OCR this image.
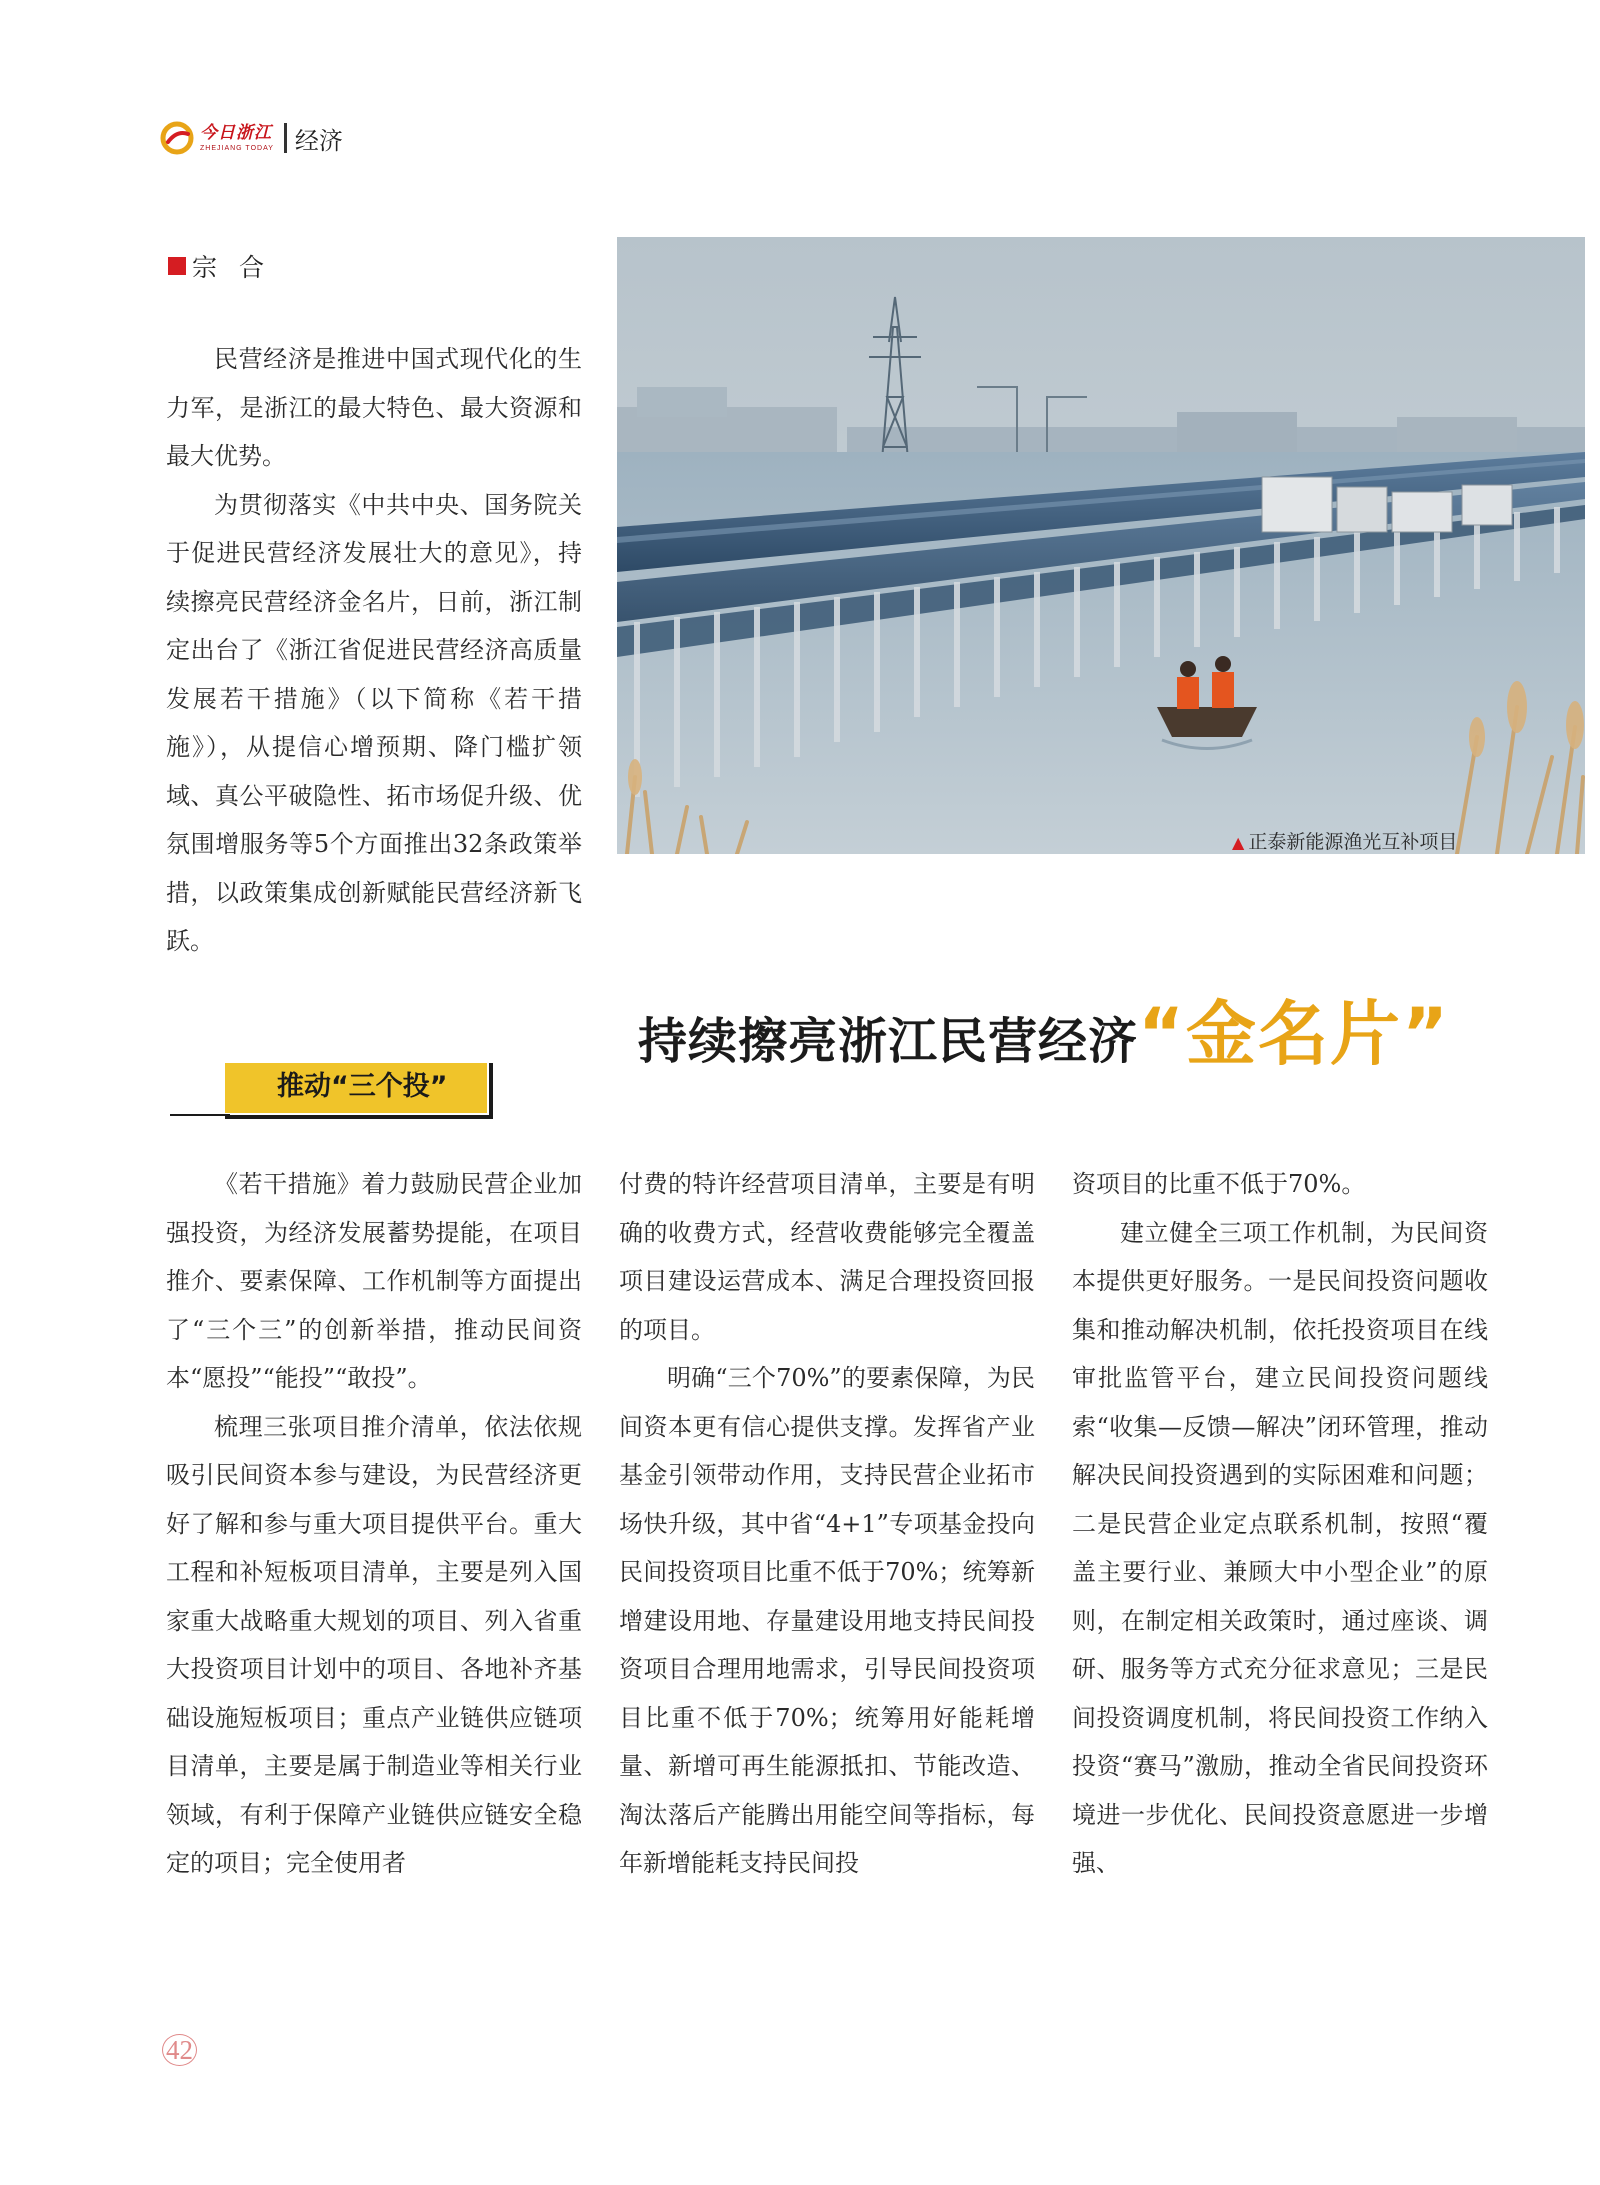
今日浙江
ZHEJIANG TODAY 经济
宗合

民营经济是推进中国式现代化的生力军，是浙江的最大特色、最大资源和最大优势。

为贯彻落实《中共中央、国务院关于促进民营经济发展壮大的意见》，持续擦亮民营经济金名片，日前，浙江制定出台了《浙江省促进民营经济高质量发展若干措施》（以下简称《若干措施》），从提信心增预期、降门槛扩领域、真公平破隐性、拓市场促升级、优氛围增服务等5个方面推出32条政策举措，以政策集成创新赋能民营经济新飞跃。

▲ 正泰新能源渔光互补项目
持续擦亮浙江民营经济 “金名片”
推动“三个投”

《若干措施》着力鼓励民营企业加强投资，为经济发展蓄势提能，在项目推介、要素保障、工作机制等方面提出了“三个三”的创新举措，推动民间资本“愿投”“能投”“敢投”。

梳理三张项目推介清单，依法依规吸引民间资本参与建设，为民营经济更好了解和参与重大项目提供平台。重大工程和补短板项目清单，主要是列入国家重大战略重大规划的项目、列入省重大投资项目计划中的项目、各地补齐基础设施短板项目；重点产业链供应链项目清单，主要是属于制造业等相关行业领域，有利于保障产业链供应链安全稳定的项目；完全使用者

付费的特许经营项目清单，主要是有明确的收费方式，经营收费能够完全覆盖项目建设运营成本、满足合理投资回报的项目。

明确“三个70%”的要素保障，为民间资本更有信心提供支撑。发挥省产业基金引领带动作用，支持民营企业拓市场快升级，其中省“4+1”专项基金投向民间投资项目比重不低于70%；统筹新增建设用地、存量建设用地支持民间投资项目合理用地需求，引导民间投资项目比重不低于70%；统筹用好能耗增量、新增可再生能源抵扣、节能改造、淘汰落后产能腾出用能空间等指标，每年新增能耗支持民间投

资项目的比重不低于70%。

建立健全三项工作机制，为民间资本提供更好服务。一是民间投资问题收集和推动解决机制，依托投资项目在线审批监管平台，建立民间投资问题线索“收集—反馈—解决”闭环管理，推动解决民间投资遇到的实际困难和问题；二是民营企业定点联系机制，按照“覆盖主要行业、兼顾大中小型企业”的原则，在制定相关政策时，通过座谈、调研、服务等方式充分征求意见；三是民间投资调度机制，将民间投资工作纳入投资“赛马”激励，推动全省民间投资环境进一步优化、民间投资意愿进一步增强、

42
